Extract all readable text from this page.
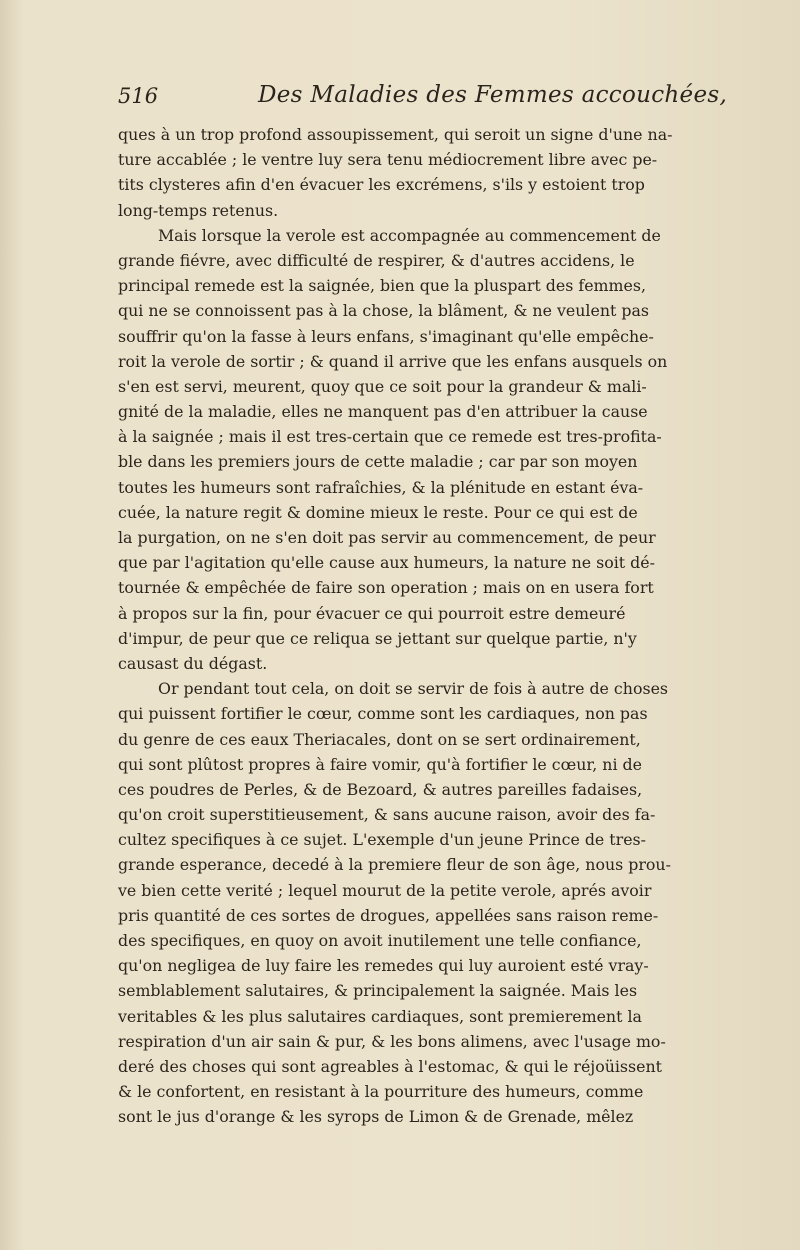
516	Des Maladies des Femmes accouchées,
ques à un trop profond assoupissement, qui seroit un signe d'une na-
ture accablée ; le ventre luy sera tenu médiocrement libre avec pe-
tits clysteres afin d'en évacuer les excrémens, s'ils y estoient trop
long-temps retenus.
Mais lorsque la verole est accompagnée au commencement de
grande fiévre, avec difficulté de respirer, & d'autres accidens, le
principal remede est la saignée, bien que la pluspart des femmes,
qui ne se connoissent pas à la chose, la blâment, & ne veulent pas
souffrir qu'on la fasse à leurs enfans, s'imaginant qu'elle empêche-
roit la verole de sortir ; & quand il arrive que les enfans ausquels on
s'en est servi, meurent, quoy que ce soit pour la grandeur & mali-
gnité de la maladie, elles ne manquent pas d'en attribuer la cause
à la saignée ; mais il est tres-certain que ce remede est tres-profita-
ble dans les premiers jours de cette maladie ; car par son moyen
toutes les humeurs sont rafraîchies, & la plénitude en estant éva-
cuée, la nature regit & domine mieux le reste. Pour ce qui est de
la purgation, on ne s'en doit pas servir au commencement, de peur
que par l'agitation qu'elle cause aux humeurs, la nature ne soit dé-
tournée & empêchée de faire son operation ; mais on en usera fort
à propos sur la fin, pour évacuer ce qui pourroit estre demeuré
d'impur, de peur que ce reliqua se jettant sur quelque partie, n'y
causast du dégast.
Or pendant tout cela, on doit se servir de fois à autre de choses
qui puissent fortifier le cœur, comme sont les cardiaques, non pas
du genre de ces eaux Theriacales, dont on se sert ordinairement,
qui sont plûtost propres à faire vomir, qu'à fortifier le cœur, ni de
ces poudres de Perles, & de Bezoard, & autres pareilles fadaises,
qu'on croit superstitieusement, & sans aucune raison, avoir des fa-
cultez specifiques à ce sujet. L'exemple d'un jeune Prince de tres-
grande esperance, decedé à la premiere fleur de son âge, nous prou-
ve bien cette verité ; lequel mourut de la petite verole, aprés avoir
pris quantité de ces sortes de drogues, appellées sans raison reme-
des specifiques, en quoy on avoit inutilement une telle confiance,
qu'on negligea de luy faire les remedes qui luy auroient esté vray-
semblablement salutaires, & principalement la saignée. Mais les
veritables & les plus salutaires cardiaques, sont premierement la
respiration d'un air sain & pur, & les bons alimens, avec l'usage mo-
deré des choses qui sont agreables à l'estomac, & qui le réjoüissent
& le confortent, en resistant à la pourriture des humeurs, comme
sont le jus d'orange & les syrops de Limon & de Grenade, mêlez
